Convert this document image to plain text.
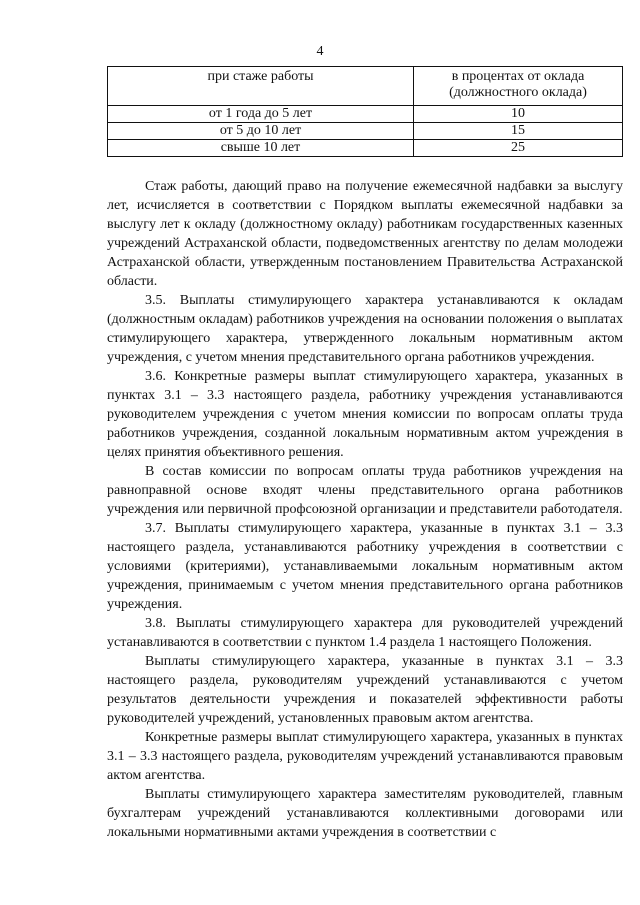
4
при стаже работы	в процентах от оклада (должностного оклада)
от 1 года до 5 лет	10
от 5 до 10 лет	15
свыше 10 лет	25

Стаж работы, дающий право на получение ежемесячной надбавки за выслугу лет, исчисляется в соответствии с Порядком выплаты ежемесячной надбавки за выслугу лет к окладу (должностному окладу) работникам государственных казенных учреждений Астраханской области, подведомственных агентству по делам молодежи Астраханской области, утвержденным постановлением Правительства Астраханской области.

3.5. Выплаты стимулирующего характера устанавливаются к окладам (должностным окладам) работников учреждения на основании положения о выплатах стимулирующего характера, утвержденного локальным нормативным актом учреждения, с учетом мнения представительного органа работников учреждения.

3.6. Конкретные размеры выплат стимулирующего характера, указанных в пунктах 3.1 – 3.3 настоящего раздела, работнику учреждения устанавливаются руководителем учреждения с учетом мнения комиссии по вопросам оплаты труда работников учреждения, созданной локальным нормативным актом учреждения в целях принятия объективного решения.

В состав комиссии по вопросам оплаты труда работников учреждения на равноправной основе входят члены представительного органа работников учреждения или первичной профсоюзной организации и представители работодателя.

3.7. Выплаты стимулирующего характера, указанные в пунктах 3.1 – 3.3 настоящего раздела, устанавливаются работнику учреждения в соответствии с условиями (критериями), устанавливаемыми локальным нормативным актом учреждения, принимаемым с учетом мнения представительного органа работников учреждения.

3.8. Выплаты стимулирующего характера для руководителей учреждений устанавливаются в соответствии с пунктом 1.4 раздела 1 настоящего Положения.

Выплаты стимулирующего характера, указанные в пунктах 3.1 – 3.3 настоящего раздела, руководителям учреждений устанавливаются с учетом результатов деятельности учреждения и показателей эффективности работы руководителей учреждений, установленных правовым актом агентства.

Конкретные размеры выплат стимулирующего характера, указанных в пунктах 3.1 – 3.3 настоящего раздела, руководителям учреждений устанавливаются правовым актом агентства.

Выплаты стимулирующего характера заместителям руководителей, главным бухгалтерам учреждений устанавливаются коллективными договорами или локальными нормативными актами учреждения в соответствии с
